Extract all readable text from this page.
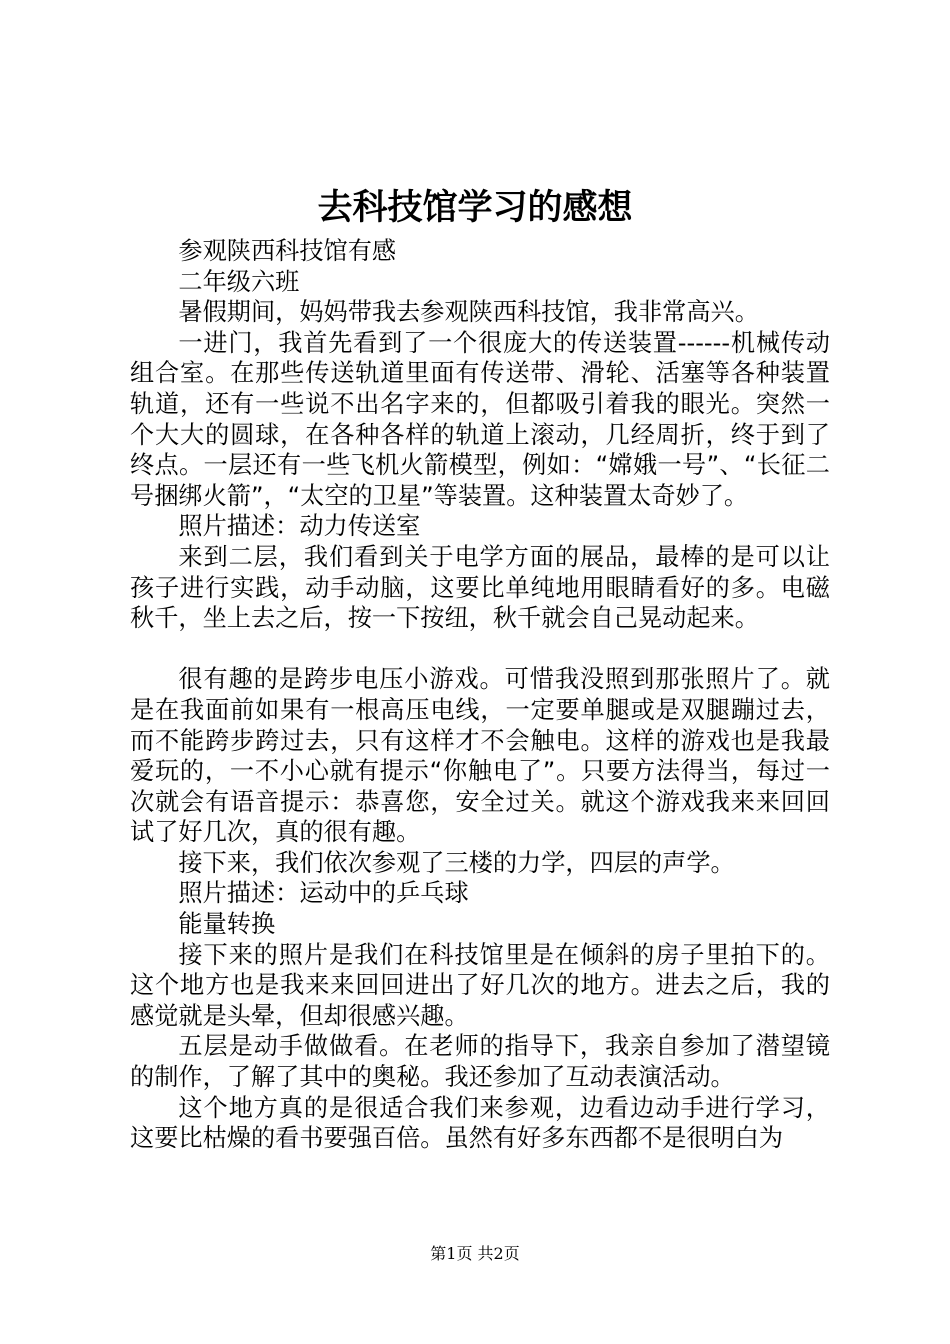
去科技馆学习的感想

参观陕西科技馆有感

二年级六班

暑假期间，妈妈带我去参观陕西科技馆，我非常高兴。

一进门，我首先看到了一个很庞大的传送装置------机械传动组合室。在那些传送轨道里面有传送带、滑轮、活塞等各种装置轨道，还有一些说不出名字来的，但都吸引着我的眼光。突然一个大大的圆球，在各种各样的轨道上滚动，几经周折，终于到了终点。一层还有一些飞机火箭模型，例如：“嫦娥一号”、“长征二号捆绑火箭”，“太空的卫星”等装置。这种装置太奇妙了。

照片描述：动力传送室

来到二层，我们看到关于电学方面的展品，最棒的是可以让孩子进行实践，动手动脑，这要比单纯地用眼睛看好的多。电磁秋千，坐上去之后，按一下按纽，秋千就会自己晃动起来。

很有趣的是跨步电压小游戏。可惜我没照到那张照片了。就是在我面前如果有一根高压电线，一定要单腿或是双腿蹦过去，而不能跨步跨过去，只有这样才不会触电。这样的游戏也是我最爱玩的，一不小心就有提示“你触电了”。只要方法得当，每过一次就会有语音提示：恭喜您，安全过关。就这个游戏我来来回回试了好几次，真的很有趣。

接下来，我们依次参观了三楼的力学，四层的声学。

照片描述：运动中的乒乓球

能量转换

接下来的照片是我们在科技馆里是在倾斜的房子里拍下的。这个地方也是我来来回回进出了好几次的地方。进去之后，我的感觉就是头晕，但却很感兴趣。

五层是动手做做看。在老师的指导下，我亲自参加了潜望镜的制作，了解了其中的奥秘。我还参加了互动表演活动。

这个地方真的是很适合我们来参观，边看边动手进行学习，这要比枯燥的看书要强百倍。虽然有好多东西都不是很明白为

第1页 共2页
